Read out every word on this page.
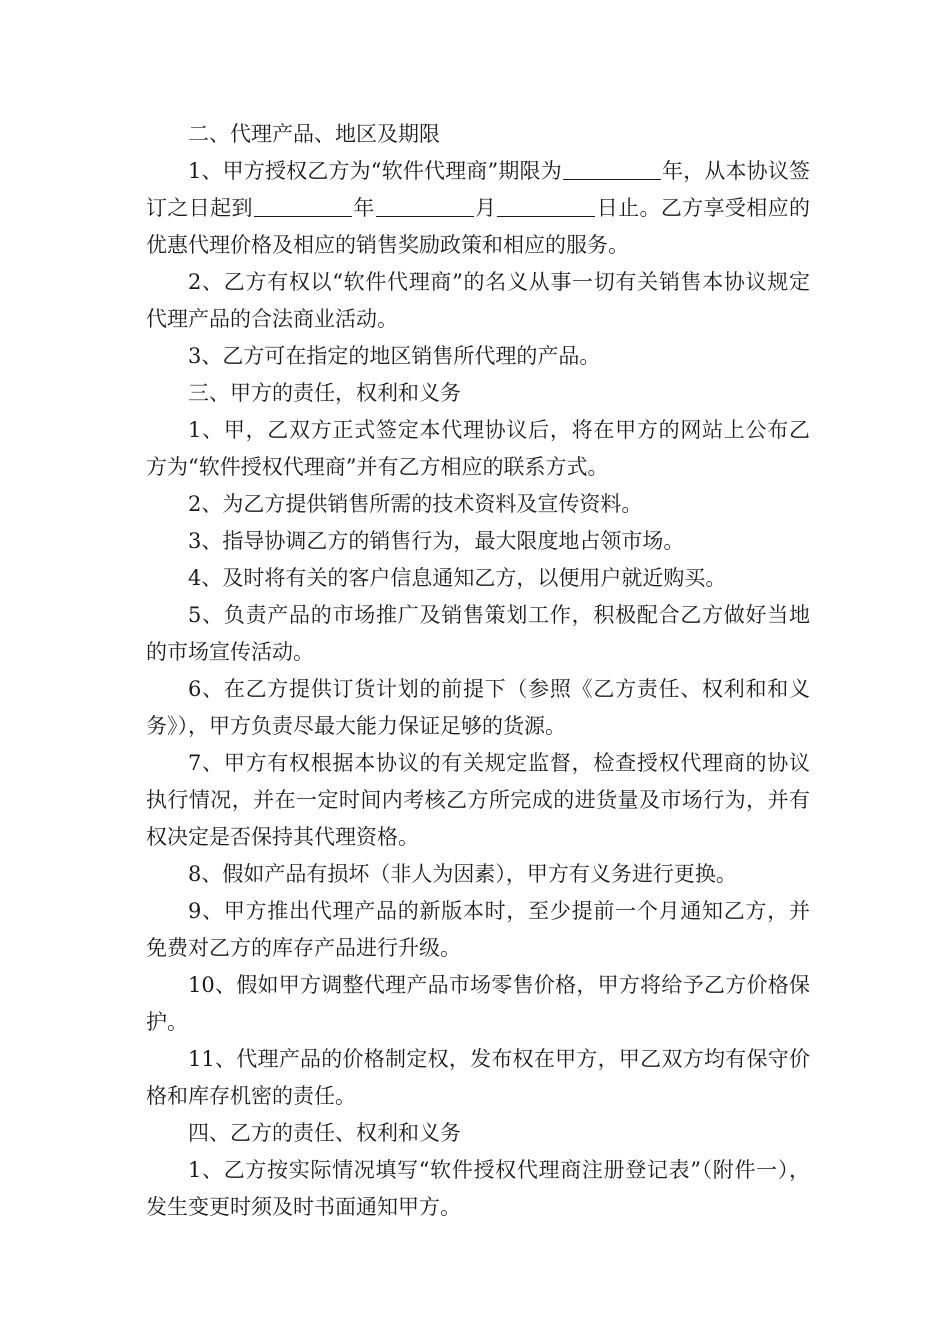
二、代理产品、地区及期限

1、甲方授权乙方为“软件代理商”期限为	年，从本协议签订之日起到	年	月	日止。乙方享受相应的优惠代理价格及相应的销售奖励政策和相应的服务。

2、乙方有权以“软件代理商”的名义从事一切有关销售本协议规定代理产品的合法商业活动。

3、乙方可在指定的地区销售所代理的产品。

三、甲方的责任，权利和义务

1、甲，乙双方正式签定本代理协议后，将在甲方的网站上公布乙方为“软件授权代理商”并有乙方相应的联系方式。

2、为乙方提供销售所需的技术资料及宣传资料。

3、指导协调乙方的销售行为，最大限度地占领市场。

4、及时将有关的客户信息通知乙方，以便用户就近购买。

5、负责产品的市场推广及销售策划工作，积极配合乙方做好当地的市场宣传活动。

6、在乙方提供订货计划的前提下（参照《乙方责任、权利和和义务》），甲方负责尽最大能力保证足够的货源。

7、甲方有权根据本协议的有关规定监督，检查授权代理商的协议执行情况，并在一定时间内考核乙方所完成的进货量及市场行为，并有权决定是否保持其代理资格。

8、假如产品有损坏（非人为因素），甲方有义务进行更换。

9、甲方推出代理产品的新版本时，至少提前一个月通知乙方，并免费对乙方的库存产品进行升级。

10、假如甲方调整代理产品市场零售价格，甲方将给予乙方价格保护。

11、代理产品的价格制定权，发布权在甲方，甲乙双方均有保守价格和库存机密的责任。

四、乙方的责任、权利和义务

1、乙方按实际情况填写“软件授权代理商注册登记表”（附件一），发生变更时须及时书面通知甲方。
